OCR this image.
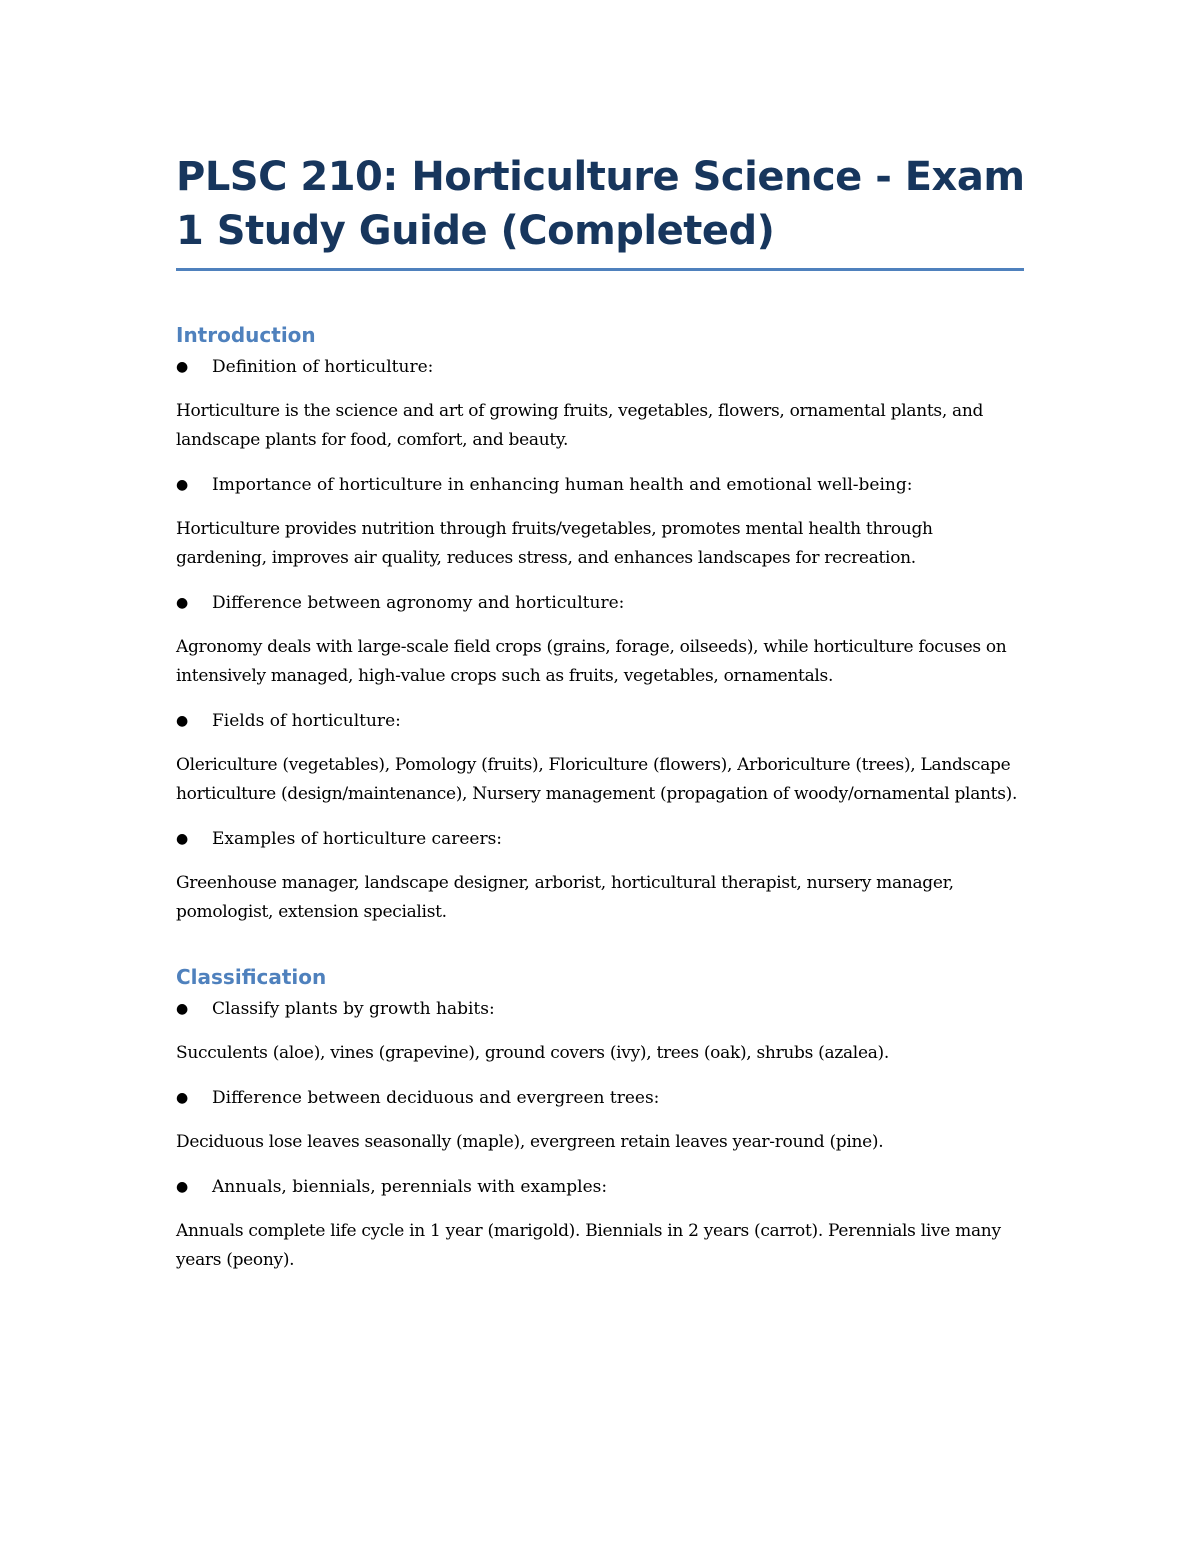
PLSC 210: Horticulture Science - Exam 1 Study Guide (Completed)
Introduction
●	Definition of horticulture:

Horticulture is the science and art of growing fruits, vegetables, flowers, ornamental plants, and landscape plants for food, comfort, and beauty.

●	Importance of horticulture in enhancing human health and emotional well-being:

Horticulture provides nutrition through fruits/vegetables, promotes mental health through gardening, improves air quality, reduces stress, and enhances landscapes for recreation.

●	Difference between agronomy and horticulture:

Agronomy deals with large-scale field crops (grains, forage, oilseeds), while horticulture focuses on intensively managed, high-value crops such as fruits, vegetables, ornamentals.

●	Fields of horticulture:

Olericulture (vegetables), Pomology (fruits), Floriculture (flowers), Arboriculture (trees), Landscape horticulture (design/maintenance), Nursery management (propagation of woody/ornamental plants).

●	Examples of horticulture careers:

Greenhouse manager, landscape designer, arborist, horticultural therapist, nursery manager, pomologist, extension specialist.

Classification
●	Classify plants by growth habits:

Succulents (aloe), vines (grapevine), ground covers (ivy), trees (oak), shrubs (azalea).

●	Difference between deciduous and evergreen trees:

Deciduous lose leaves seasonally (maple), evergreen retain leaves year-round (pine).

●	Annuals, biennials, perennials with examples:

Annuals complete life cycle in 1 year (marigold). Biennials in 2 years (carrot). Perennials live many years (peony).
